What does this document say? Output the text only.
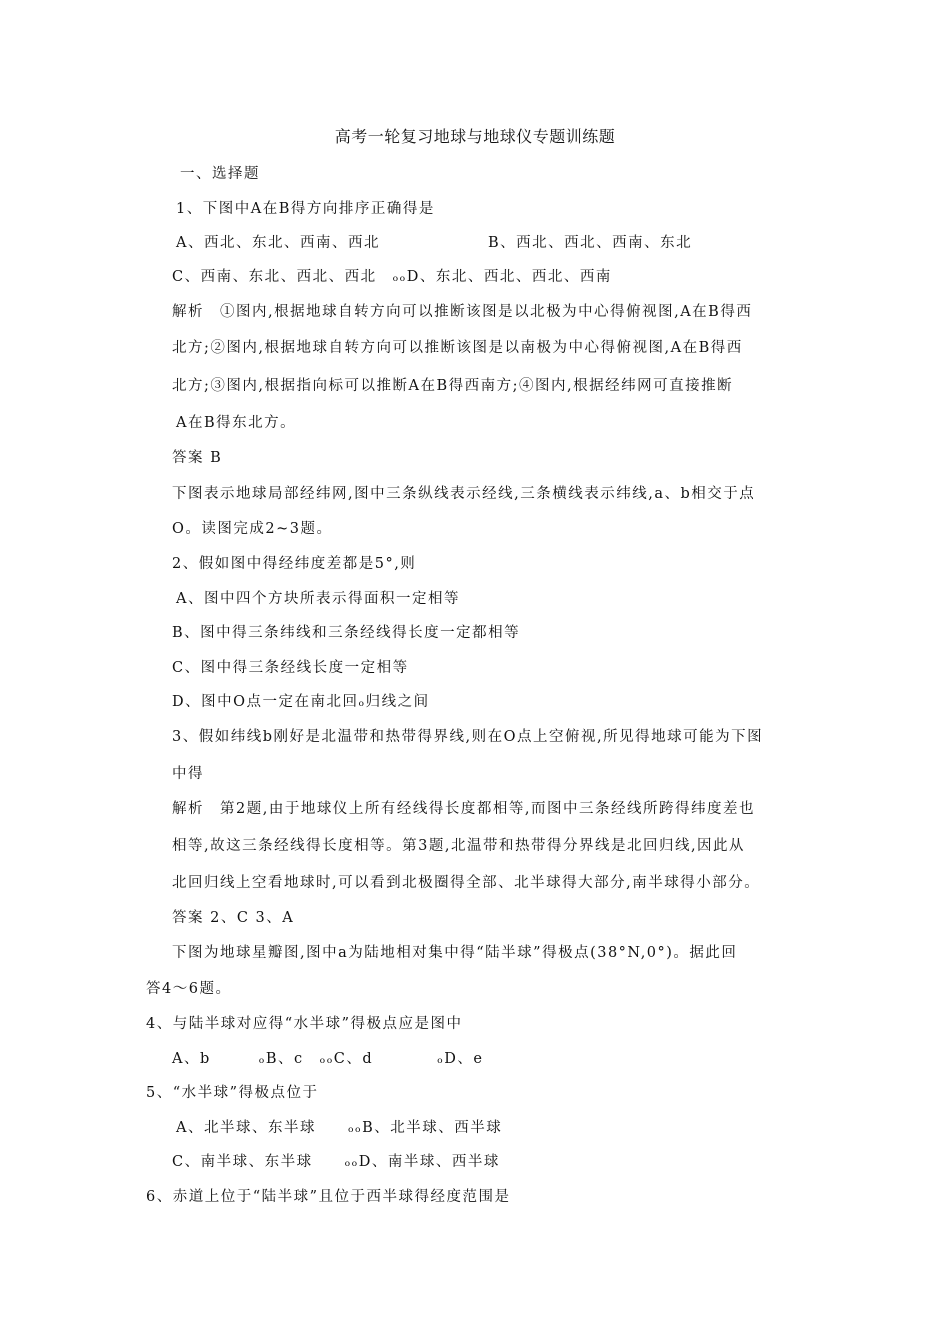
高考一轮复习地球与地球仪专题训练题
一、选择题
1、下图中A在B得方向排序正确得是
A、西北、东北、西南、西北	B、西北、西北、西南、东北
C、西南、东北、西北、西北　ₒₒD、东北、西北、西北、西南
解析　①图内,根据地球自转方向可以推断该图是以北极为中心得俯视图,A在B得西
北方;②图内,根据地球自转方向可以推断该图是以南极为中心得俯视图,A在B得西
北方;③图内,根据指向标可以推断A在B得西南方;④图内,根据经纬网可直接推断
A在B得东北方。
答案 B
下图表示地球局部经纬网,图中三条纵线表示经线,三条横线表示纬线,a、b相交于点
O。读图完成2~3题。
2、假如图中得经纬度差都是5°,则
A、图中四个方块所表示得面积一定相等
B、图中得三条纬线和三条经线得长度一定都相等
C、图中得三条经线长度一定相等
D、图中O点一定在南北回ₒ归线之间
3、假如纬线b刚好是北温带和热带得界线,则在O点上空俯视,所见得地球可能为下图
中得
解析　第2题,由于地球仪上所有经线得长度都相等,而图中三条经线所跨得纬度差也
相等,故这三条经线得长度相等。第3题,北温带和热带得分界线是北回归线,因此从
北回归线上空看地球时,可以看到北极圈得全部、北半球得大部分,南半球得小部分。
答案 2、C 3、A
下图为地球星瓣图,图中a为陆地相对集中得“陆半球”得极点(38°N,0°)。据此回
答4～6题。
4、与陆半球对应得“水半球”得极点应是图中
A、b　　　ₒB、c　ₒₒC、d　　　　ₒD、e
5、“水半球”得极点位于
A、北半球、东半球　　ₒₒB、北半球、西半球
C、南半球、东半球　　ₒₒD、南半球、西半球
6、赤道上位于“陆半球”且位于西半球得经度范围是
